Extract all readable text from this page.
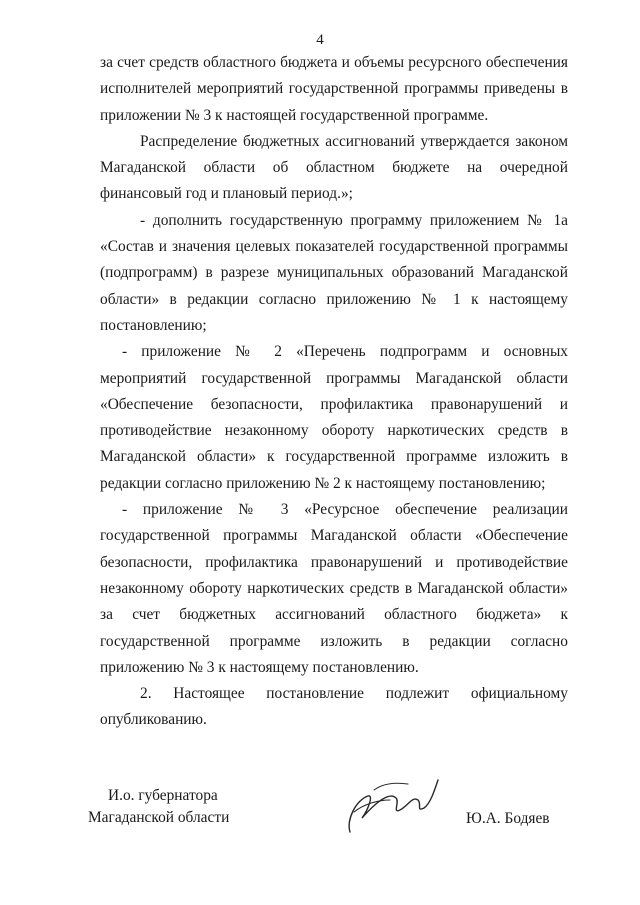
4

за счет средств областного бюджета и объемы ресурсного обеспечения исполнителей мероприятий государственной программы приведены в приложении № 3 к настоящей государственной программе.

Распределение бюджетных ассигнований утверждается законом Магаданской области об областном бюджете на очередной финансовый год и плановый период.»;

- дополнить государственную программу приложением № 1а «Состав и значения целевых показателей государственной программы (подпрограмм) в разрезе муниципальных образований Магаданской области» в редакции согласно приложению № 1 к настоящему постановлению;

- приложение № 2 «Перечень подпрограмм и основных мероприятий государственной программы Магаданской области «Обеспечение безопасности, профилактика правонарушений и противодействие незаконному обороту наркотических средств в Магаданской области» к государственной программе изложить в редакции согласно приложению № 2 к настоящему постановлению;

- приложение № 3 «Ресурсное обеспечение реализации государственной программы Магаданской области «Обеспечение безопасности, профилактика правонарушений и противодействие незаконному обороту наркотических средств в Магаданской области» за счет бюджетных ассигнований областного бюджета» к государственной программе изложить в редакции согласно приложению № 3 к настоящему постановлению.

2. Настоящее постановление подлежит официальному опубликованию.

И.о. губернатора
Магаданской области	Ю.А. Бодяев
